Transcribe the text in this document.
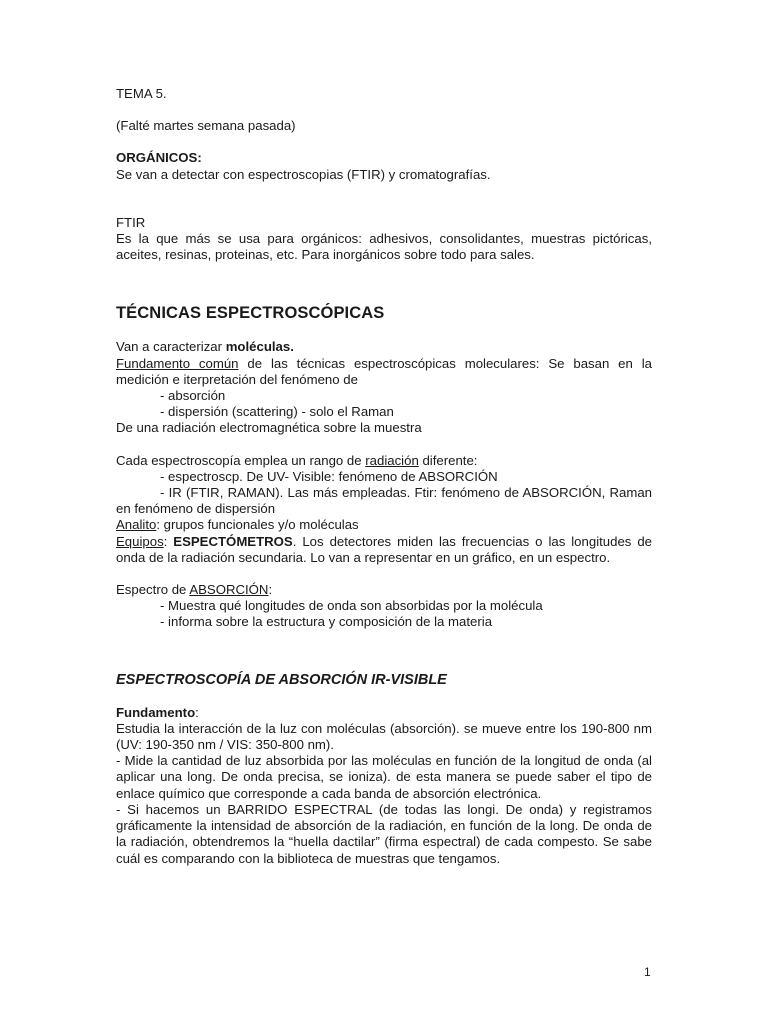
TEMA 5.

(Falté martes semana pasada)

ORGÁNICOS:

Se van a detectar con espectroscopias (FTIR) y cromatografías.

FTIR

Es la que más se usa para orgánicos: adhesivos, consolidantes, muestras pictóricas, aceites, resinas, proteinas, etc. Para inorgánicos sobre todo para sales.

TÉCNICAS ESPECTROSCÓPICAS

Van a caracterizar moléculas.

Fundamento común de las técnicas espectroscópicas moleculares: Se basan en la medición e iterpretación del fenómeno de

- absorción

- dispersión (scattering) - solo el Raman

De una radiación electromagnética sobre la muestra

Cada espectroscopía emplea un rango de radiación diferente:

- espectroscp. De UV- Visible: fenómeno de ABSORCIÓN

- IR (FTIR, RAMAN). Las más empleadas. Ftir: fenómeno de ABSORCIÓN, Raman en fenómeno de dispersión

Analito: grupos funcionales y/o moléculas

Equipos: ESPECTÓMETROS. Los detectores miden las frecuencias o las longitudes de onda de la radiación secundaria. Lo van a representar en un gráfico, en un espectro.

Espectro de ABSORCIÓN:

- Muestra qué longitudes de onda son absorbidas por la molécula

- informa sobre la estructura y composición de la materia

ESPECTROSCOPÍA DE ABSORCIÓN IR-VISIBLE

Fundamento:

Estudia la interacción de la luz con moléculas (absorción). se mueve entre los 190-800 nm (UV: 190-350 nm / VIS: 350-800 nm).

- Mide la cantidad de luz absorbida por las moléculas en función de la longitud de onda (al aplicar una long. De onda precisa, se ioniza). de esta manera se puede saber el tipo de enlace químico que corresponde a cada banda de absorción electrónica.

- Si hacemos un BARRIDO ESPECTRAL (de todas las longi. De onda) y registramos gráficamente la intensidad de absorción de la radiación, en función de la long. De onda de la radiación, obtendremos la “huella dactilar” (firma espectral) de cada compesto. Se sabe cuál es comparando con la biblioteca de muestras que tengamos.

1
